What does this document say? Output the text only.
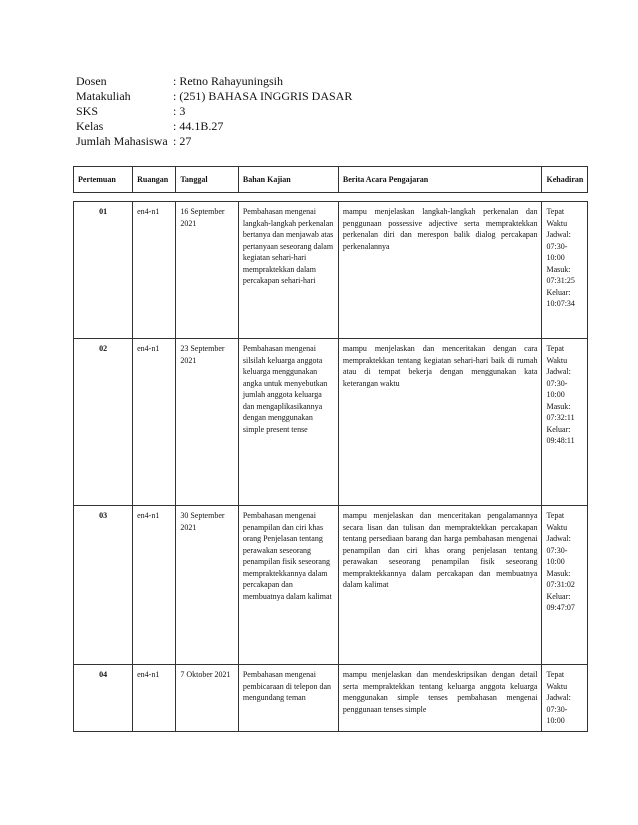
Dosen	: Retno Rahayuningsih
Matakuliah	: (251) BAHASA INGGRIS DASAR
SKS	: 3
Kelas	: 44.1B.27
Jumlah Mahasiswa : 27
Pertemuan	Ruangan	Tanggal	Bahan Kajian	Berita Acara Pengajaran	Kehadiran

01	en4-n1	16 September 2021	Pembahasan mengenai langkah-langkah perkenalan bertanya dan menjawab atas pertanyaan seseorang dalam kegiatan sehari-hari mempraktekkan dalam percakapan sehari-hari	mampu menjelaskan langkah-langkah perkenalan dan penggunaan possessive adjective serta mempraktekkan perkenalan diri dan merespon balik dialog percakapan perkenalannya	Tepat Waktu Jadwal: 07:30-10:00 Masuk: 07:31:25 Keluar: 10:07:34
02	en4-n1	23 September 2021	Pembahasan mengenai silsilah keluarga anggota keluarga menggunakan angka untuk menyebutkan jumlah anggota keluarga dan mengaplikasikannya dengan menggunakan simple present tense	mampu menjelaskan dan menceritakan dengan cara mempraktekkan tentang kegiatan sehari-hari baik di rumah atau di tempat bekerja dengan menggunakan kata keterangan waktu	Tepat Waktu Jadwal: 07:30-10:00 Masuk: 07:32:11 Keluar: 09:48:11
03	en4-n1	30 September 2021	Pembahasan mengenai penampilan dan ciri khas orang Penjelasan tentang perawakan seseorang penampilan fisik seseorang mempraktekkannya dalam percakapan dan membuatnya dalam kalimat	mampu menjelaskan dan menceritakan pengalamannya secara lisan dan tulisan dan mempraktekkan percakapan tentang persediaan barang dan harga pembahasan mengenai penampilan dan ciri khas orang penjelasan tentang perawakan seseorang penampilan fisik seseorang mempraktekkannya dalam percakapan dan membuatnya dalam kalimat	Tepat Waktu Jadwal: 07:30-10:00 Masuk: 07:31:02 Keluar: 09:47:07
04	en4-n1	7 Oktober 2021	Pembahasan mengenai pembicaraan di telepon dan mengundang teman	mampu menjelaskan dan mendeskripsikan dengan detail serta mempraktekkan tentang keluarga anggota keluarga menggunakan simple tenses pembahasan mengenai penggunaan tenses simple	Tepat Waktu Jadwal: 07:30-10:00
